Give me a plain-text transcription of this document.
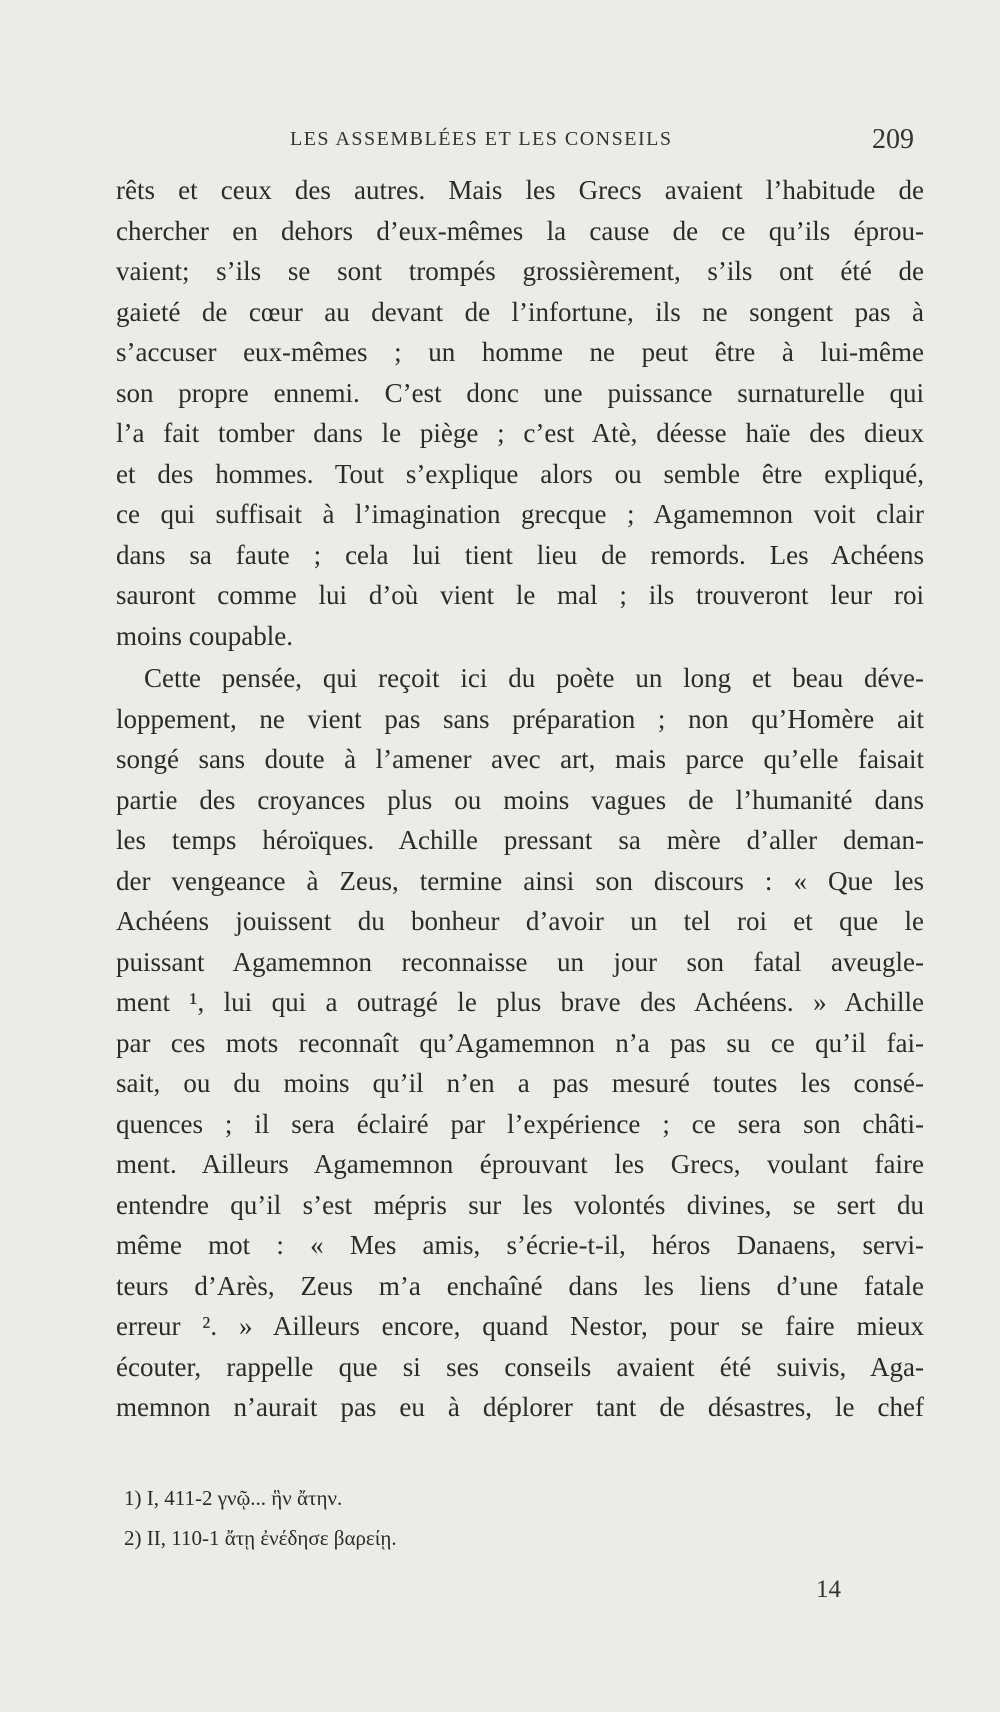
LES ASSEMBLÉES ET LES CONSEILS	209
rêts et ceux des autres. Mais les Grecs avaient l’habitude de
chercher en dehors d’eux-mêmes la cause de ce qu’ils éprou-
vaient; s’ils se sont trompés grossièrement, s’ils ont été de
gaieté de cœur au devant de l’infortune, ils ne songent pas à
s’accuser eux-mêmes ; un homme ne peut être à lui-même
son propre ennemi. C’est donc une puissance surnaturelle qui
l’a fait tomber dans le piège ; c’est Atè, déesse haïe des dieux
et des hommes. Tout s’explique alors ou semble être expliqué,
ce qui suffisait à l’imagination grecque ; Agamemnon voit clair
dans sa faute ; cela lui tient lieu de remords. Les Achéens
sauront comme lui d’où vient le mal ; ils trouveront leur roi
moins coupable.
Cette pensée, qui reçoit ici du poète un long et beau déve-
loppement, ne vient pas sans préparation ; non qu’Homère ait
songé sans doute à l’amener avec art, mais parce qu’elle faisait
partie des croyances plus ou moins vagues de l’humanité dans
les temps héroïques. Achille pressant sa mère d’aller deman-
der vengeance à Zeus, termine ainsi son discours : « Que les
Achéens jouissent du bonheur d’avoir un tel roi et que le
puissant Agamemnon reconnaisse un jour son fatal aveugle-
ment ¹, lui qui a outragé le plus brave des Achéens. » Achille
par ces mots reconnaît qu’Agamemnon n’a pas su ce qu’il fai-
sait, ou du moins qu’il n’en a pas mesuré toutes les consé-
quences ; il sera éclairé par l’expérience ; ce sera son châti-
ment. Ailleurs Agamemnon éprouvant les Grecs, voulant faire
entendre qu’il s’est mépris sur les volontés divines, se sert du
même mot : « Mes amis, s’écrie-t-il, héros Danaens, servi-
teurs d’Arès, Zeus m’a enchaîné dans les liens d’une fatale
erreur ². » Ailleurs encore, quand Nestor, pour se faire mieux
écouter, rappelle que si ses conseils avaient été suivis, Aga-
memnon n’aurait pas eu à déplorer tant de désastres, le chef
1) I, 411-2 γνῷ... ἣν ἄτην.
2) II, 110-1 ἄτῃ ἐνέδησε βαρείῃ.
14
